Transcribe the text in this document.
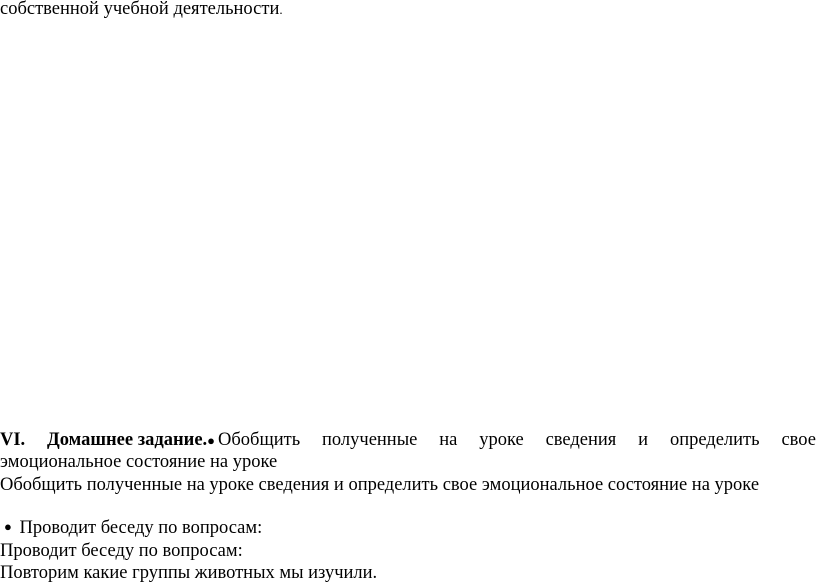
собственной учебной деятельности.
VI. Домашнее задание. ● Обобщить полученные на уроке сведения и определить свое
эмоциональное состояние на уроке
Обобщить полученные на уроке сведения и определить свое эмоциональное состояние на уроке
● Проводит беседу по вопросам:
Проводит беседу по вопросам:
Повторим какие группы животных мы изучили.
